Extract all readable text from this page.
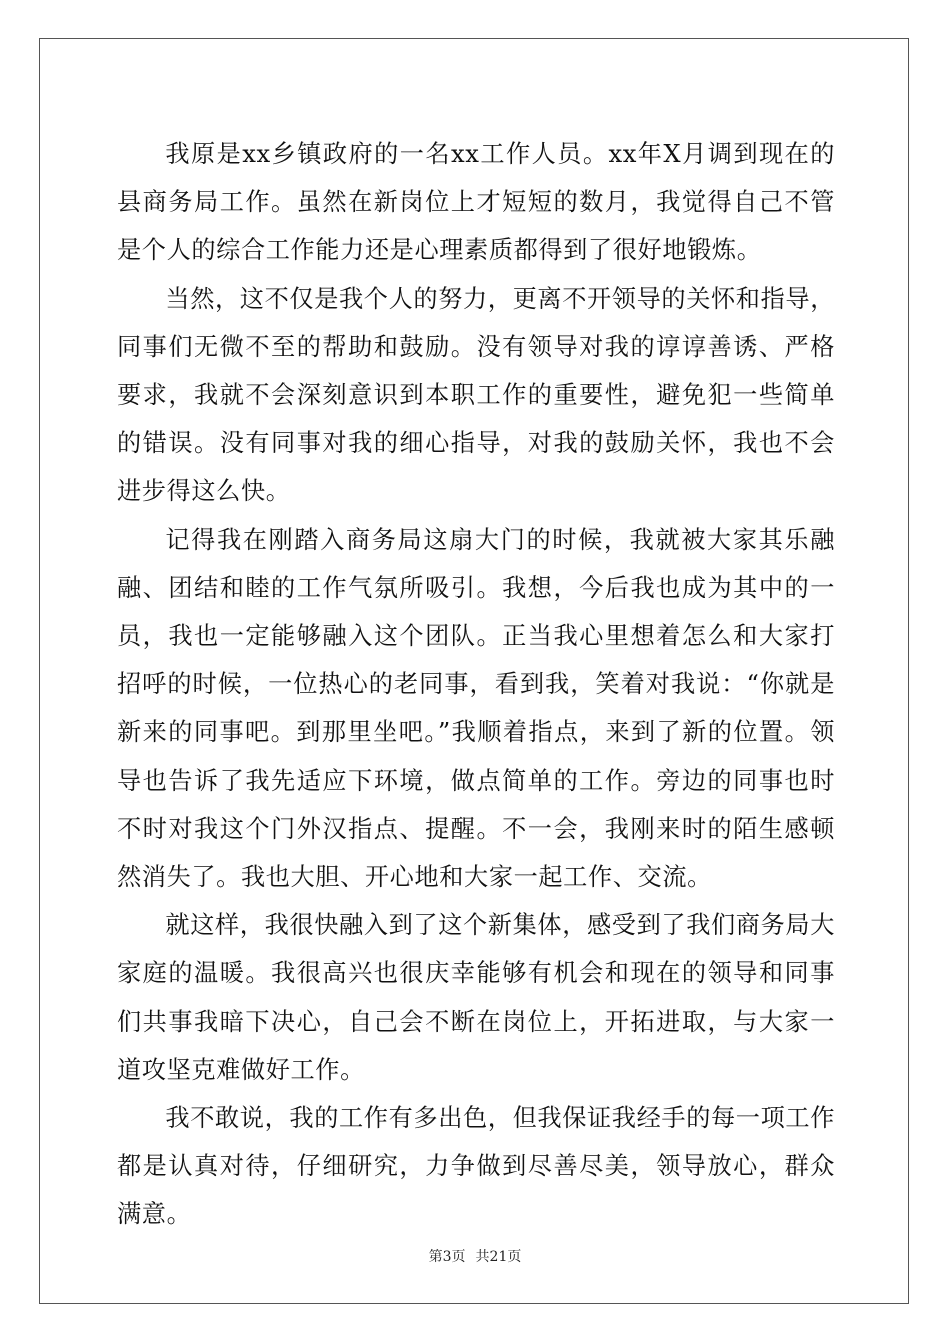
我原是xx乡镇政府的一名xx工作人员。xx年X月调到现在的县商务局工作。虽然在新岗位上才短短的数月，我觉得自己不管是个人的综合工作能力还是心理素质都得到了很好地锻炼。

当然，这不仅是我个人的努力，更离不开领导的关怀和指导，同事们无微不至的帮助和鼓励。没有领导对我的谆谆善诱、严格要求，我就不会深刻意识到本职工作的重要性，避免犯一些简单的错误。没有同事对我的细心指导，对我的鼓励关怀，我也不会进步得这么快。

记得我在刚踏入商务局这扇大门的时候，我就被大家其乐融融、团结和睦的工作气氛所吸引。我想，今后我也成为其中的一员，我也一定能够融入这个团队。正当我心里想着怎么和大家打招呼的时候，一位热心的老同事，看到我，笑着对我说：“你就是新来的同事吧。到那里坐吧。”我顺着指点，来到了新的位置。领导也告诉了我先适应下环境，做点简单的工作。旁边的同事也时不时对我这个门外汉指点、提醒。不一会，我刚来时的陌生感顿然消失了。我也大胆、开心地和大家一起工作、交流。

就这样，我很快融入到了这个新集体，感受到了我们商务局大家庭的温暖。我很高兴也很庆幸能够有机会和现在的领导和同事们共事我暗下决心，自己会不断在岗位上，开拓进取，与大家一道攻坚克难做好工作。

我不敢说，我的工作有多出色，但我保证我经手的每一项工作都是认真对待，仔细研究，力争做到尽善尽美，领导放心，群众满意。

第3页 共21页
